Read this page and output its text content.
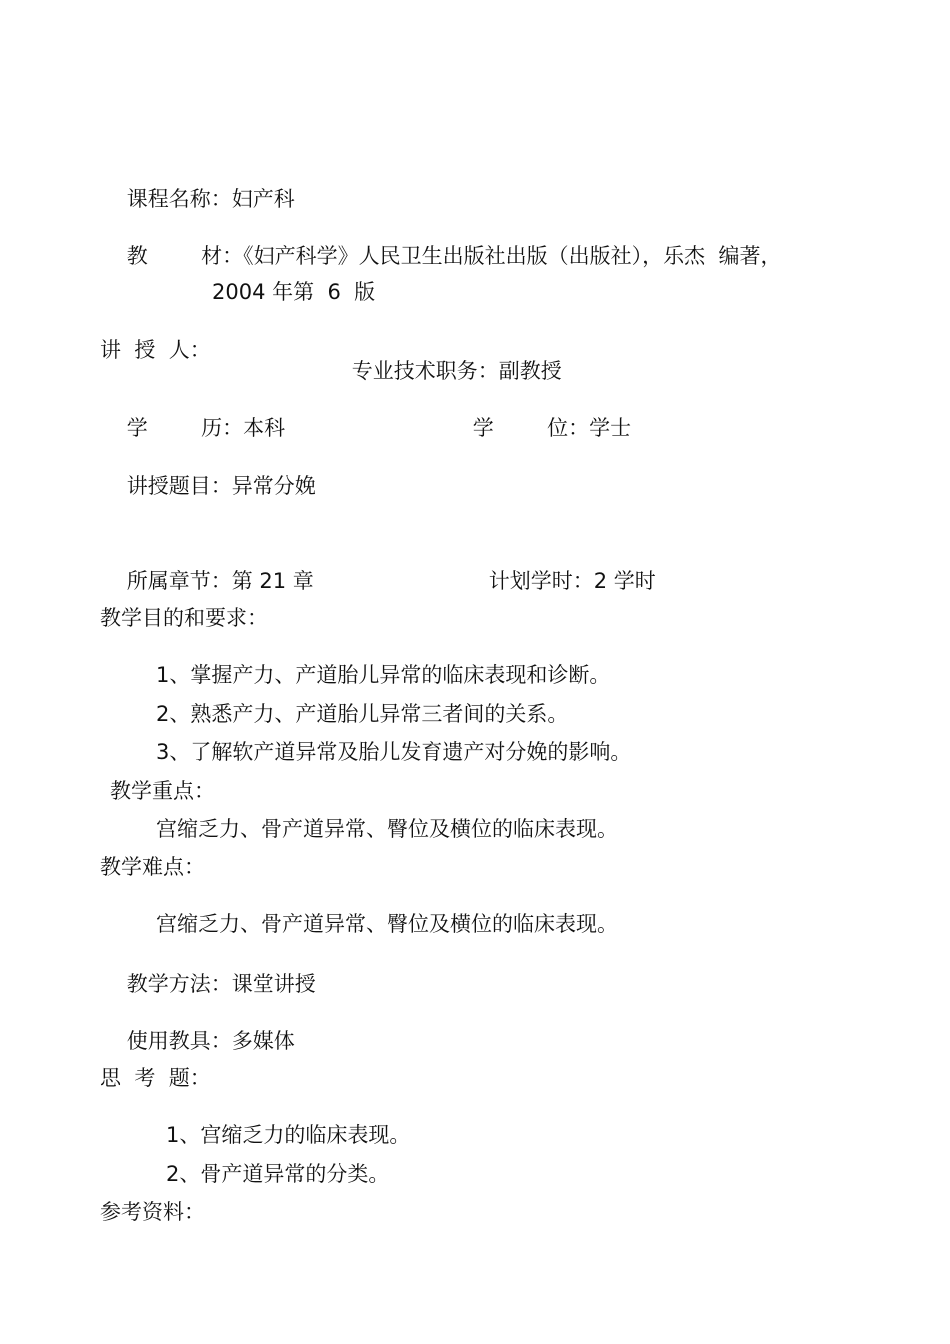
课程名称：妇产科

教        材：《妇产科学》人民卫生出版社出版（出版社），乐杰  编著，

2004 年第  6  版
讲  授  人：

专业技术职务：副教授

学        历：本科
	学        位：学士

讲授题目：异常分娩

所属章节：第 21 章
	计划学时：2 学时

教学目的和要求：
1、掌握产力、产道胎儿异常的临床表现和诊断。
2、熟悉产力、产道胎儿异常三者间的关系。
3、了解软产道异常及胎儿发育遗产对分娩的影响。
教学重点：
宫缩乏力、骨产道异常、臀位及横位的临床表现。
教学难点：
宫缩乏力、骨产道异常、臀位及横位的临床表现。

教学方法：课堂讲授

使用教具：多媒体

思  考  题：
1、宫缩乏力的临床表现。
2、骨产道异常的分类。
参考资料：
